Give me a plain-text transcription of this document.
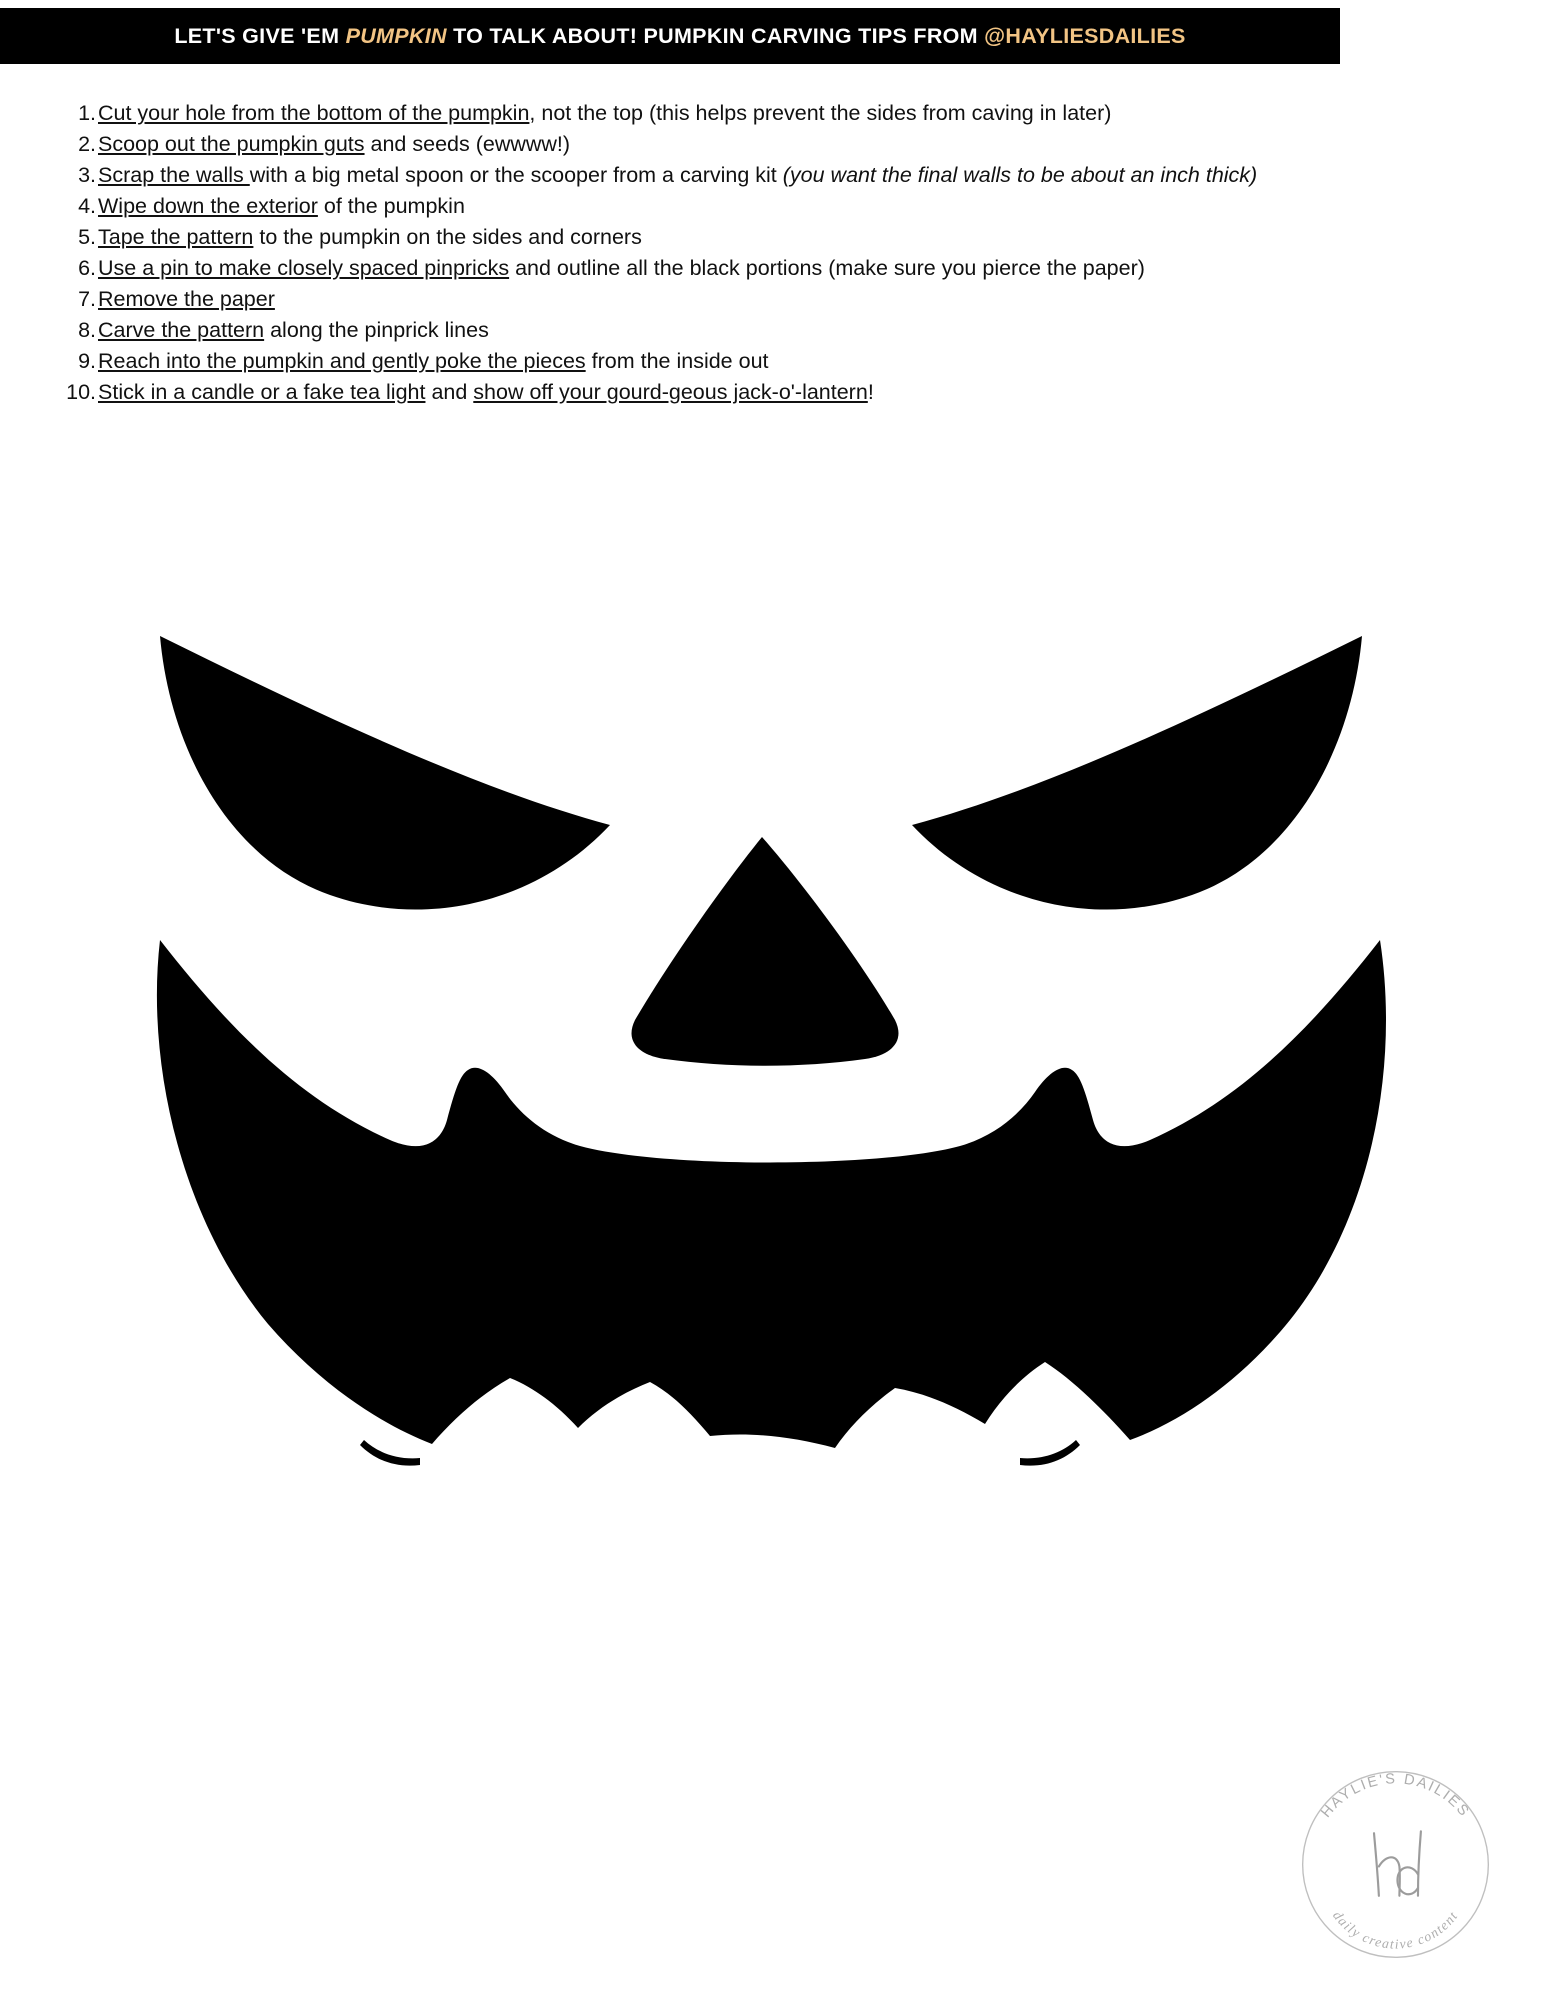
LET'S GIVE 'EM PUMPKIN TO TALK ABOUT! PUMPKIN CARVING TIPS FROM @HAYLIESDAILIES
1. Cut your hole from the bottom of the pumpkin, not the top (this helps prevent the sides from caving in later)
2. Scoop out the pumpkin guts and seeds (ewwww!)
3. Scrap the walls with a big metal spoon or the scooper from a carving kit (you want the final walls to be about an inch thick)
4. Wipe down the exterior of the pumpkin
5. Tape the pattern to the pumpkin on the sides and corners
6. Use a pin to make closely spaced pinpricks and outline all the black portions (make sure you pierce the paper)
7. Remove the paper
8. Carve the pattern along the pinprick lines
9. Reach into the pumpkin and gently poke the pieces from the inside out
10. Stick in a candle or a fake tea light and show off your gourd-geous jack-o'-lantern!
HAYLIE'S DAILIES
daily creative content
